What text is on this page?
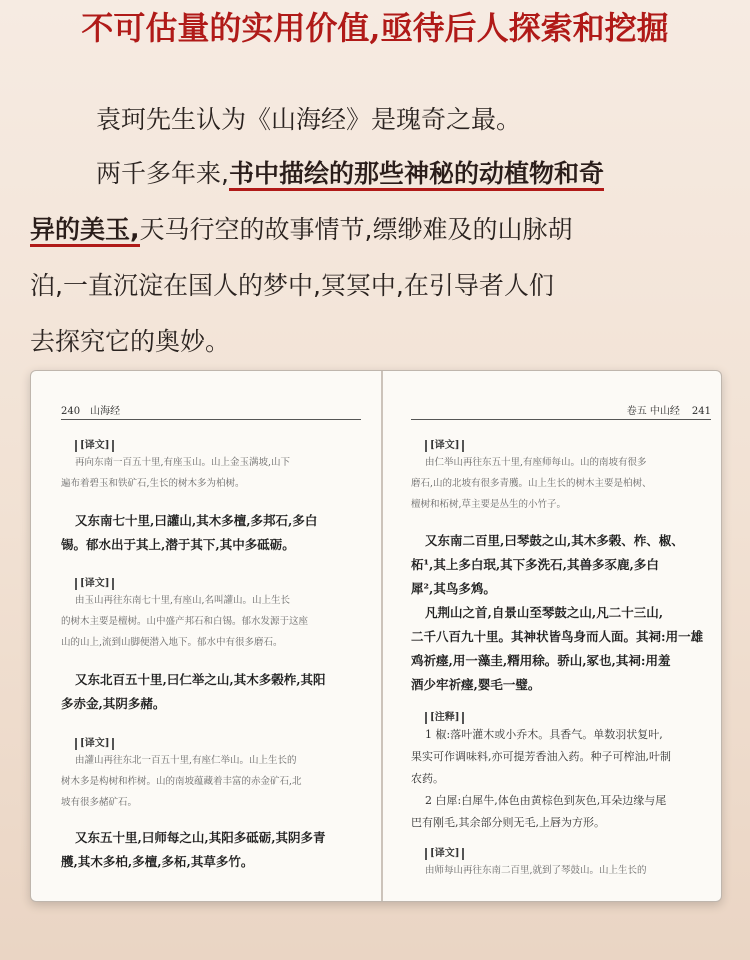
不可估量的实用价值,亟待后人探索和挖掘
袁珂先生认为《山海经》是瑰奇之最。
两千多年来,书中描绘的那些神秘的动植物和奇
异的美玉,天马行空的故事情节,缥缈难及的山脉胡
泊,一直沉淀在国人的梦中,冥冥中,在引导者人们
去探究它的奥妙。
240 山海经
[译文]
再向东南一百五十里,有座玉山。山上金玉满坡,山下
遍布着碧玉和铁矿石,生长的树木多为柏树。
又东南七十里,曰讙山,其木多檀,多邦石,多白
锡。郁水出于其上,潜于其下,其中多砥砺。
[译文]
由玉山再往东南七十里,有座山,名叫讙山。山上生长
的树木主要是檀树。山中盛产邦石和白锡。郁水发源于这座
山的山上,流到山脚便潜入地下。郁水中有很多磨石。
又东北百五十里,曰仁举之山,其木多榖柞,其阳
多赤金,其阴多赭。
[译文]
由讙山再往东北一百五十里,有座仁举山。山上生长的
树木多是构树和柞树。山的南坡蕴藏着丰富的赤金矿石,北
坡有很多赭矿石。
又东五十里,曰师每之山,其阳多砥砺,其阴多青
雘,其木多柏,多檀,多柘,其草多竹。
卷五 中山经 241
[译文]
由仁举山再往东五十里,有座师每山。山的南坡有很多
磨石,山的北坡有很多青雘。山上生长的树木主要是柏树、
檀树和柘树,草主要是丛生的小竹子。
又东南二百里,曰琴鼓之山,其木多榖、柞、椒、
柘¹,其上多白珉,其下多洗石,其兽多豕鹿,多白
犀²,其鸟多鸩。
凡荆山之首,自景山至琴鼓之山,凡二十三山,
二千八百九十里。其神状皆鸟身而人面。其祠:用一雄
鸡祈瘗,用一藻圭,糈用稌。骄山,冢也,其祠:用羞
酒少牢祈瘗,婴毛一璧。
[注释]
1 椒:落叶灌木或小乔木。具香气。单数羽状复叶,
果实可作调味料,亦可提芳香油入药。种子可榨油,叶制
农药。
2 白犀:白犀牛,体色由黄棕色到灰色,耳朵边缘与尾
巴有刚毛,其余部分则无毛,上唇为方形。
[译文]
由师每山再往东南二百里,就到了琴鼓山。山上生长的
